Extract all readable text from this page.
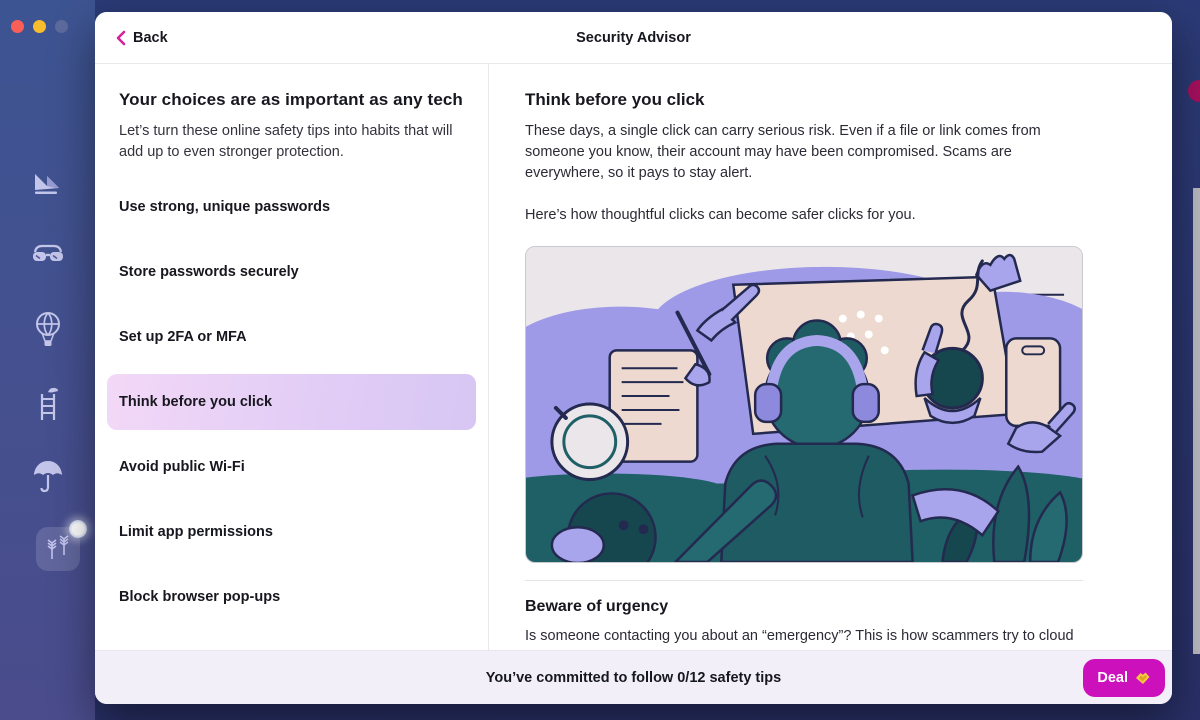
Back	Security Advisor
Your choices are as important as any tech
Let’s turn these online safety tips into habits that will add up to even stronger protection.
Use strong, unique passwords
Store passwords securely
Set up 2FA or MFA
Think before you click
Avoid public Wi-Fi
Limit app permissions
Block browser pop-ups
Think before you click
These days, a single click can carry serious risk. Even if a file or link comes from someone you know, their account may have been compromised. Scams are everywhere, so it pays to stay alert.
Here’s how thoughtful clicks can become safer clicks for you.
Beware of urgency
Is someone contacting you about an “emergency”? This is how scammers try to cloud
You’ve committed to follow 0/12 safety tips	Deal
